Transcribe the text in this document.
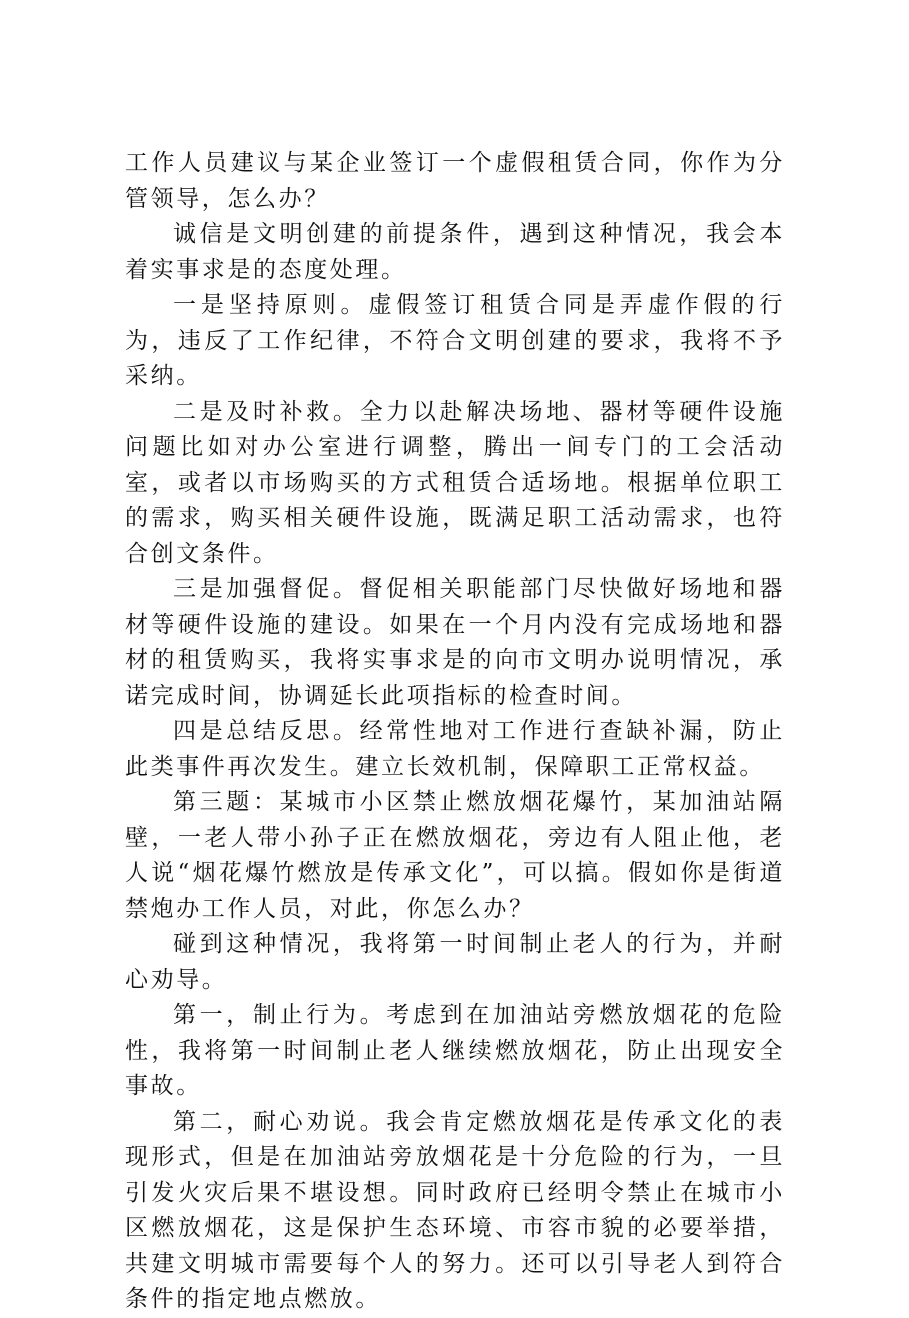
工作人员建议与某企业签订一个虚假租赁合同，你作为分管领导，怎么办？

诚信是文明创建的前提条件，遇到这种情况，我会本着实事求是的态度处理。

一是坚持原则。虚假签订租赁合同是弄虚作假的行为，违反了工作纪律，不符合文明创建的要求，我将不予采纳。

二是及时补救。全力以赴解决场地、器材等硬件设施问题比如对办公室进行调整，腾出一间专门的工会活动室，或者以市场购买的方式租赁合适场地。根据单位职工的需求，购买相关硬件设施，既满足职工活动需求，也符合创文条件。

三是加强督促。督促相关职能部门尽快做好场地和器材等硬件设施的建设。如果在一个月内没有完成场地和器材的租赁购买，我将实事求是的向市文明办说明情况，承诺完成时间，协调延长此项指标的检查时间。

四是总结反思。经常性地对工作进行查缺补漏，防止此类事件再次发生。建立长效机制，保障职工正常权益。

第三题：某城市小区禁止燃放烟花爆竹，某加油站隔壁，一老人带小孙子正在燃放烟花，旁边有人阻止他，老人说“烟花爆竹燃放是传承文化”，可以搞。假如你是街道禁炮办工作人员，对此，你怎么办？

碰到这种情况，我将第一时间制止老人的行为，并耐心劝导。

第一，制止行为。考虑到在加油站旁燃放烟花的危险性，我将第一时间制止老人继续燃放烟花，防止出现安全事故。

第二，耐心劝说。我会肯定燃放烟花是传承文化的表现形式，但是在加油站旁放烟花是十分危险的行为，一旦引发火灾后果不堪设想。同时政府已经明令禁止在城市小区燃放烟花，这是保护生态环境、市容市貌的必要举措，共建文明城市需要每个人的努力。还可以引导老人到符合条件的指定地点燃放。
